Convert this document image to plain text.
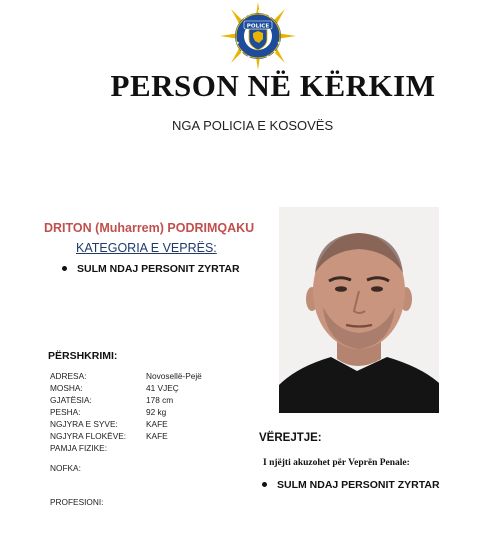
★	★
★	★
★	★
POLICE
KOSOVO
PERSON NË KËRKIM
NGA POLICIA E KOSOVËS
DRITON (Muharrem) PODRIMQAKU
KATEGORIA E VEPRËS:
SULM NDAJ PERSONIT ZYRTAR
PËRSHKRIMI:
ADRESA:	Novosellë-Pejë
MOSHA:	41 VJEÇ
GJATËSIA:	178 cm
PESHA:	92 kg
NGJYRA E SYVE:	KAFE
NGJYRA FLOKËVE: KAFE
PAMJA FIZIKE:
NOFKA:
PROFESIONI:
VËREJTJE:
I njëjti akuzohet për Veprën Penale:
SULM NDAJ PERSONIT ZYRTAR
